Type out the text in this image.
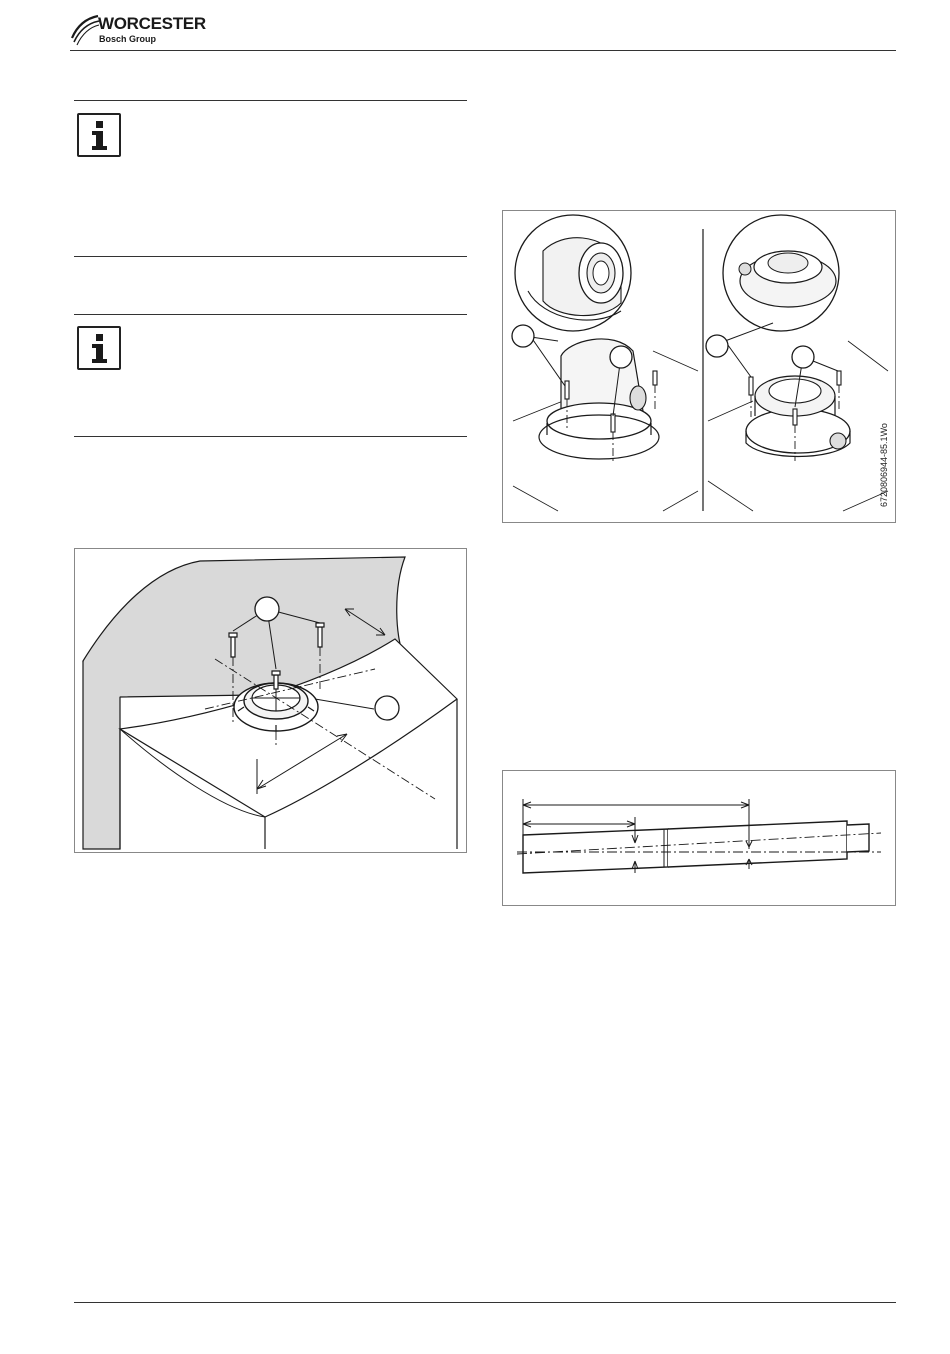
WORCESTER
Bosch Group
6720806944-85.1Wo
